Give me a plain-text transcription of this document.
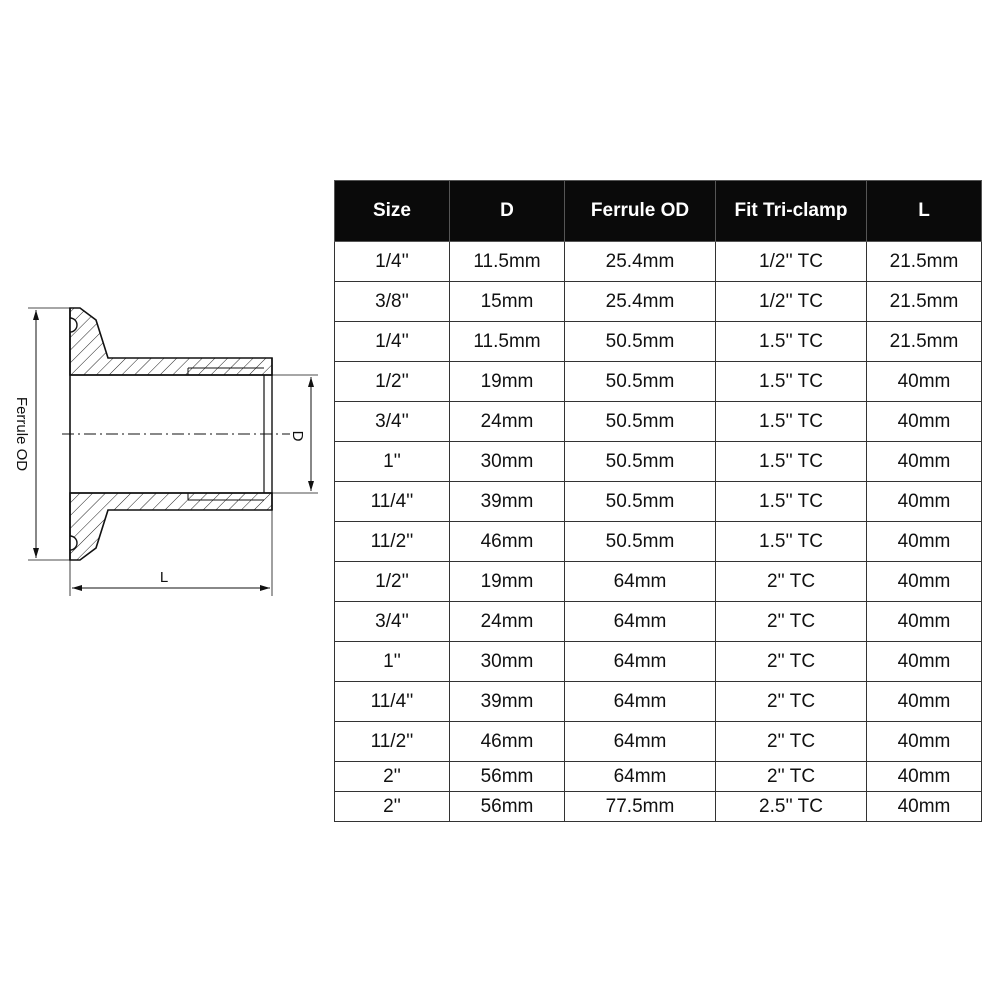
Ferrule OD	D
L
Size	D	Ferrule OD	Fit Tri-clamp	L
1/4''	11.5mm	25.4mm	1/2'' TC	21.5mm
3/8''	15mm	25.4mm	1/2'' TC	21.5mm
1/4''	11.5mm	50.5mm	1.5'' TC	21.5mm
1/2''	19mm	50.5mm	1.5'' TC	40mm
3/4''	24mm	50.5mm	1.5'' TC	40mm
1''	30mm	50.5mm	1.5'' TC	40mm
11/4''	39mm	50.5mm	1.5'' TC	40mm
11/2''	46mm	50.5mm	1.5'' TC	40mm
1/2''	19mm	64mm	2'' TC	40mm
3/4''	24mm	64mm	2'' TC	40mm
1''	30mm	64mm	2'' TC	40mm
11/4''	39mm	64mm	2'' TC	40mm
11/2''	46mm	64mm	2'' TC	40mm
2''	56mm	64mm	2'' TC	40mm
2''	56mm	77.5mm	2.5'' TC	40mm
